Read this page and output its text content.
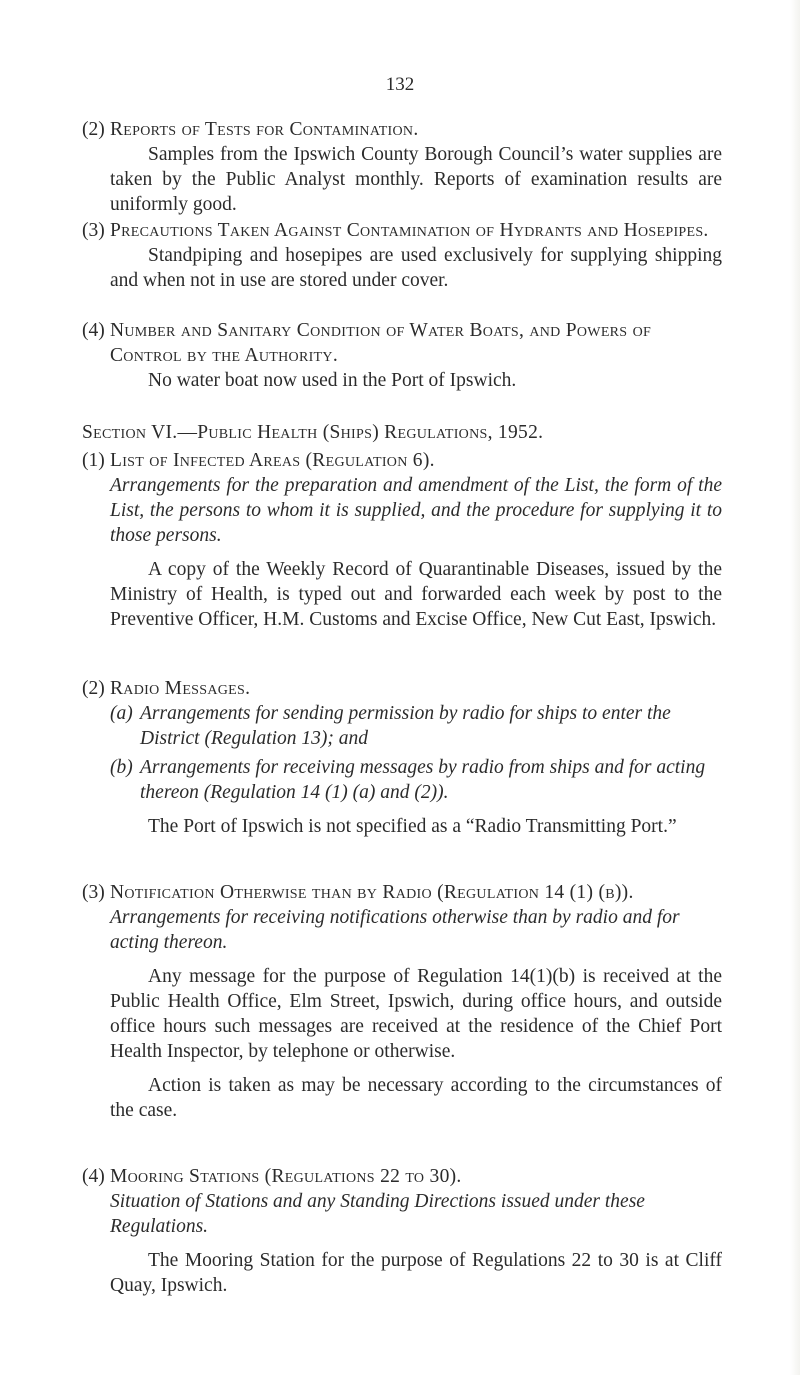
132
(2) Reports of Tests for Contamination.

Samples from the Ipswich County Borough Council’s water supplies are taken by the Public Analyst monthly. Reports of examination results are uniformly good.

(3) Precautions Taken Against Contamination of Hydrants and Hosepipes.

Standpiping and hosepipes are used exclusively for supplying shipping and when not in use are stored under cover.

(4) Number and Sanitary Condition of Water Boats, and Powers of Control by the Authority.

No water boat now used in the Port of Ipswich.

Section VI.—Public Health (Ships) Regulations, 1952.
(1) List of Infected Areas (Regulation 6).

Arrangements for the preparation and amendment of the List, the form of the List, the persons to whom it is supplied, and the procedure for supplying it to those persons.

A copy of the Weekly Record of Quarantinable Diseases, issued by the Ministry of Health, is typed out and forwarded each week by post to the Preventive Officer, H.M. Customs and Excise Office, New Cut East, Ipswich.

(2) Radio Messages.
(a) Arrangements for sending permission by radio for ships to enter the District (Regulation 13); and

(b) Arrangements for receiving messages by radio from ships and for acting thereon (Regulation 14 (1) (a) and (2)).

The Port of Ipswich is not specified as a “Radio Transmitting Port.”

(3) Notification Otherwise than by Radio (Regulation 14 (1) (b)).

Arrangements for receiving notifications otherwise than by radio and for acting thereon.

Any message for the purpose of Regulation 14(1)(b) is received at the Public Health Office, Elm Street, Ipswich, during office hours, and outside office hours such messages are received at the residence of the Chief Port Health Inspector, by telephone or otherwise.

Action is taken as may be necessary according to the circumstances of the case.

(4) Mooring Stations (Regulations 22 to 30).

Situation of Stations and any Standing Directions issued under these Regulations.

The Mooring Station for the purpose of Regulations 22 to 30 is at Cliff Quay, Ipswich.
